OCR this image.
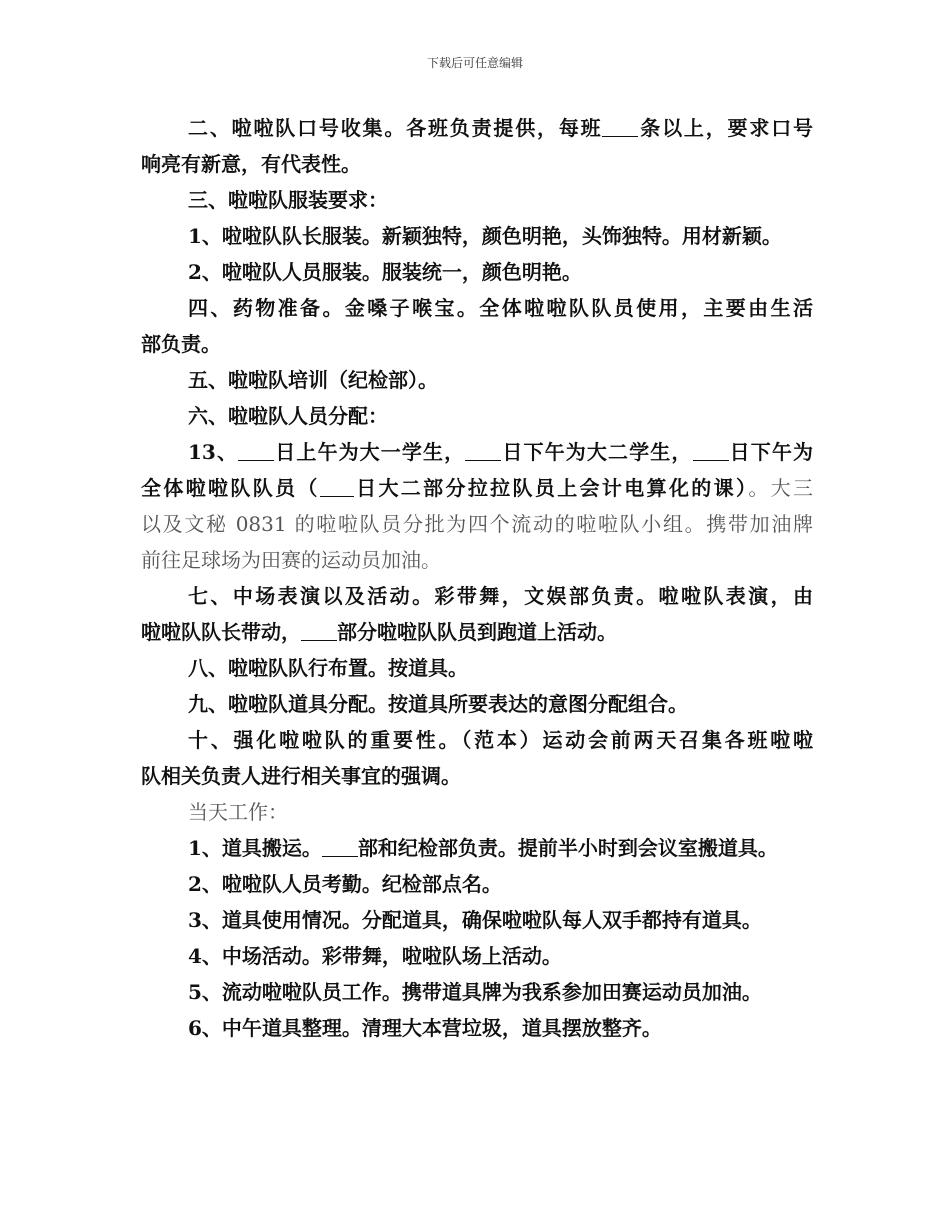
下载后可任意编辑
二、啦啦队口号收集。各班负责提供，每班 条以上，要求口号
响亮有新意，有代表性。
三、啦啦队服装要求：
1、啦啦队队长服装。新颖独特，颜色明艳，头饰独特。用材新颖。
2、啦啦队人员服装。服装统一，颜色明艳。
四、药物准备。金嗓子喉宝。全体啦啦队队员使用，主要由生活
部负责。
五、啦啦队培训（纪检部）。
六、啦啦队人员分配：
13、 日上午为大一学生， 日下午为大二学生， 日下午为
全体啦啦队队员（ 日大二部分拉拉队员上会计电算化的课）。大三
以及文秘 0831 的啦啦队员分批为四个流动的啦啦队小组。携带加油牌
前往足球场为田赛的运动员加油。
七、中场表演以及活动。彩带舞，文娱部负责。啦啦队表演，由
啦啦队队长带动， 部分啦啦队队员到跑道上活动。
八、啦啦队队行布置。按道具。
九、啦啦队道具分配。按道具所要表达的意图分配组合。
十、强化啦啦队的重要性。（范本）运动会前两天召集各班啦啦
队相关负责人进行相关事宜的强调。
当天工作：
1、道具搬运。 部和纪检部负责。提前半小时到会议室搬道具。
2、啦啦队人员考勤。纪检部点名。
3、道具使用情况。分配道具，确保啦啦队每人双手都持有道具。
4、中场活动。彩带舞，啦啦队场上活动。
5、流动啦啦队员工作。携带道具牌为我系参加田赛运动员加油。
6、中午道具整理。清理大本营垃圾，道具摆放整齐。
